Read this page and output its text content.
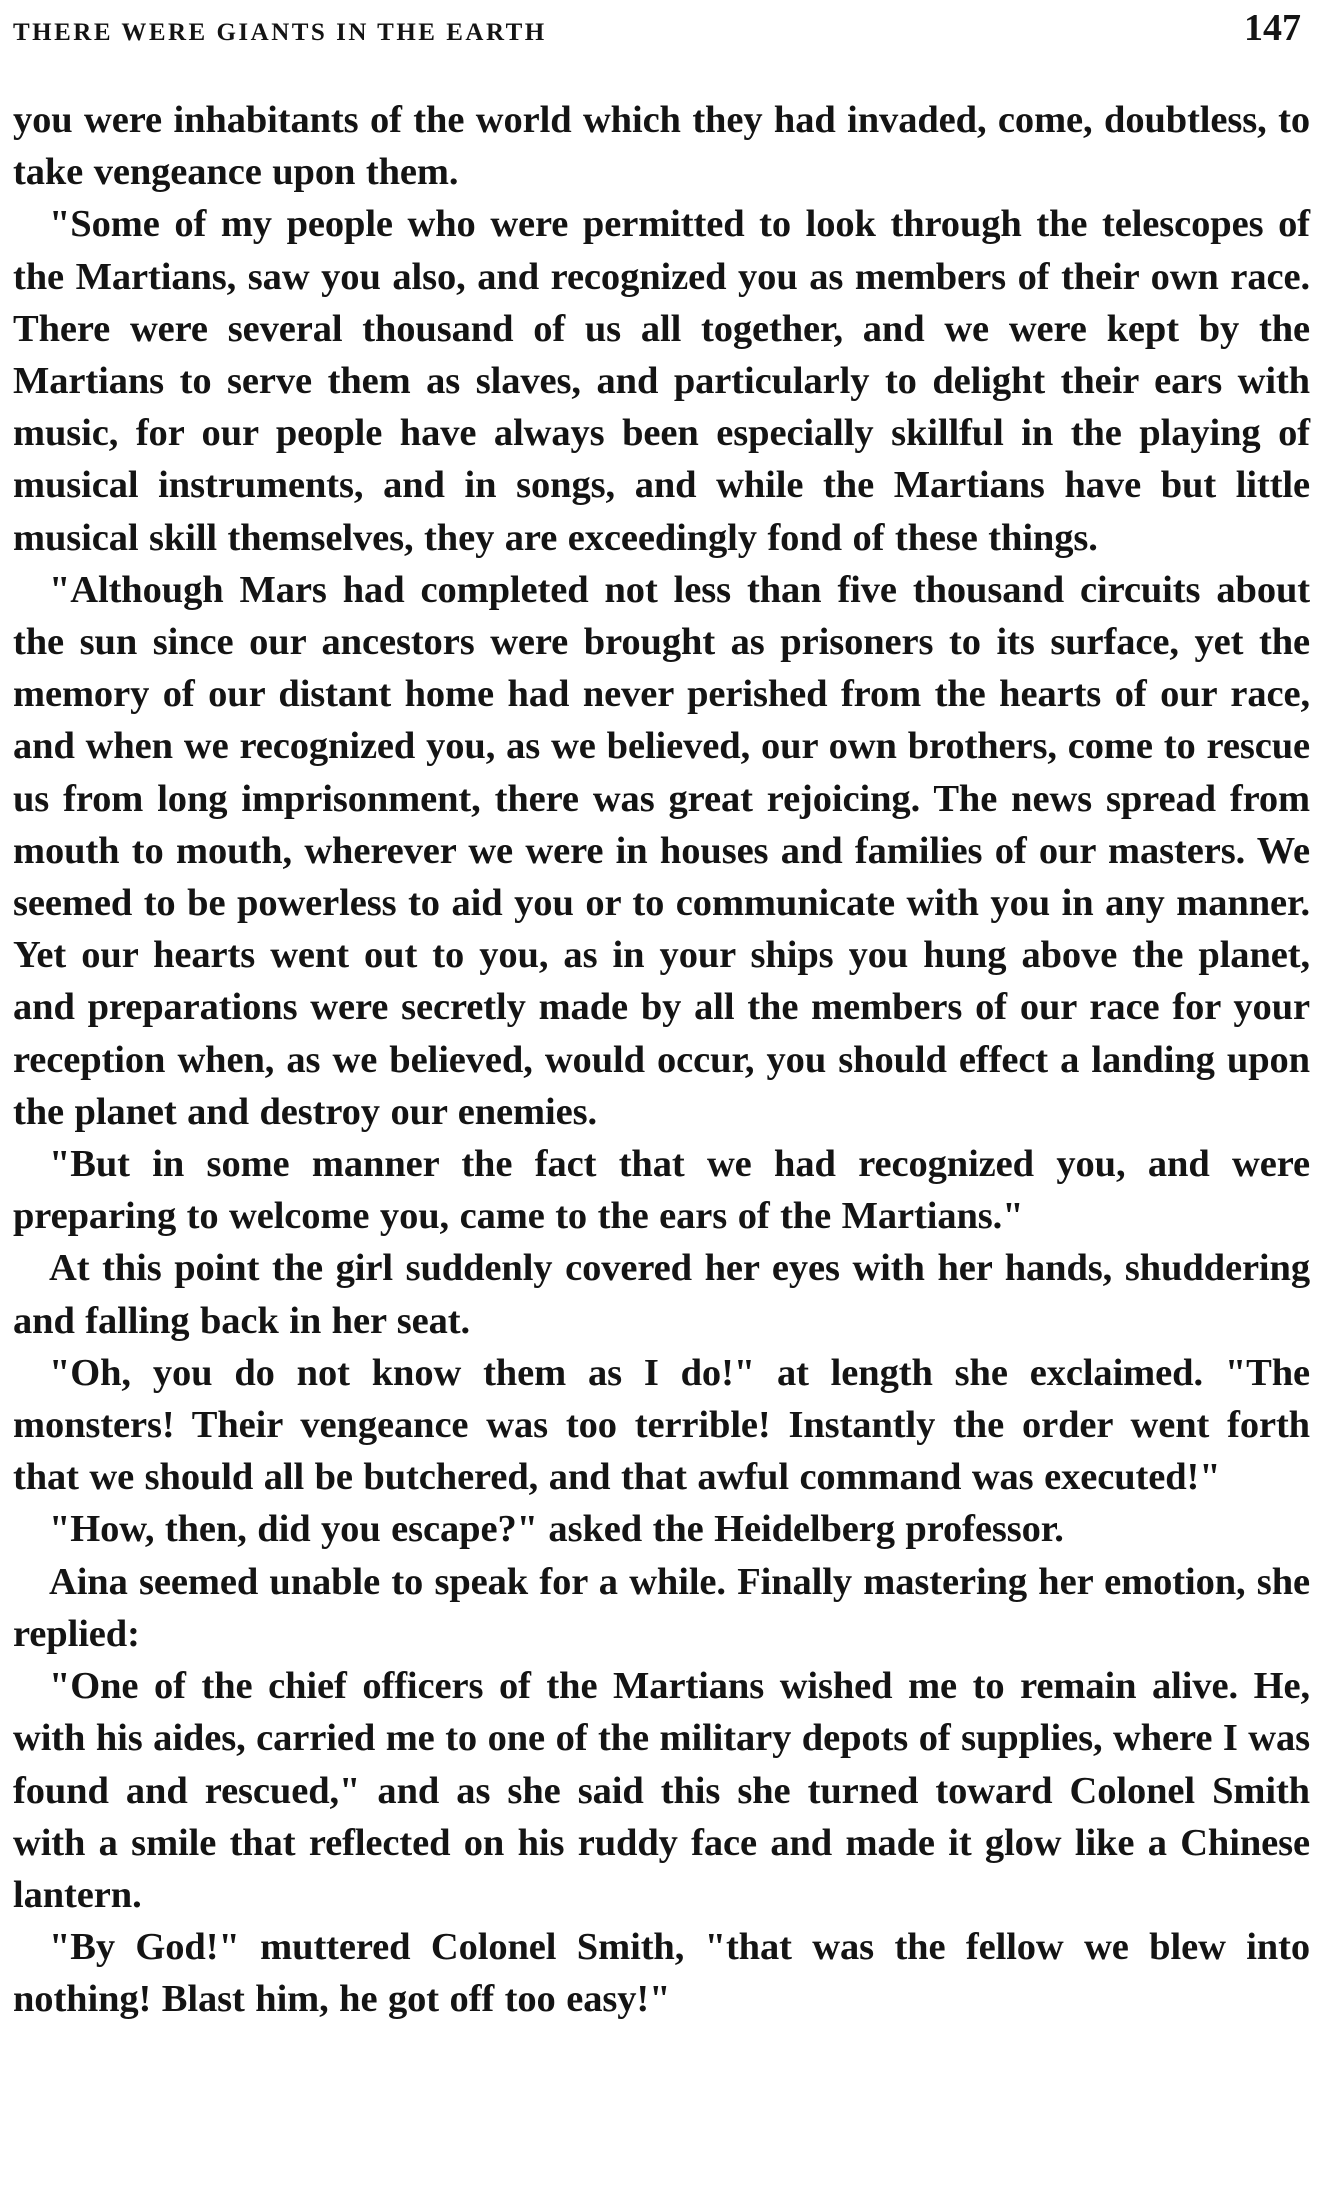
THERE WERE GIANTS IN THE EARTH	147

you were inhabitants of the world which they had invaded, come, doubtless, to take vengeance upon them.

"Some of my people who were permitted to look through the telescopes of the Martians, saw you also, and recognized you as members of their own race. There were several thousand of us all together, and we were kept by the Martians to serve them as slaves, and particularly to delight their ears with music, for our people have always been especially skillful in the playing of musical instruments, and in songs, and while the Martians have but little musical skill themselves, they are exceedingly fond of these things.

"Although Mars had completed not less than five thousand circuits about the sun since our ancestors were brought as prisoners to its surface, yet the memory of our distant home had never perished from the hearts of our race, and when we recognized you, as we believed, our own brothers, come to rescue us from long imprisonment, there was great rejoicing. The news spread from mouth to mouth, wherever we were in houses and families of our masters. We seemed to be powerless to aid you or to communicate with you in any manner. Yet our hearts went out to you, as in your ships you hung above the planet, and preparations were secretly made by all the members of our race for your reception when, as we believed, would occur, you should effect a landing upon the planet and destroy our enemies.

"But in some manner the fact that we had recognized you, and were preparing to welcome you, came to the ears of the Martians."

At this point the girl suddenly covered her eyes with her hands, shuddering and falling back in her seat.

"Oh, you do not know them as I do!" at length she exclaimed. "The monsters! Their vengeance was too terrible! Instantly the order went forth that we should all be butchered, and that awful command was executed!"

"How, then, did you escape?" asked the Heidelberg professor.

Aina seemed unable to speak for a while. Finally mastering her emotion, she replied:

"One of the chief officers of the Martians wished me to remain alive. He, with his aides, carried me to one of the military depots of supplies, where I was found and rescued," and as she said this she turned toward Colonel Smith with a smile that reflected on his ruddy face and made it glow like a Chinese lantern.

"By God!" muttered Colonel Smith, "that was the fellow we blew into nothing! Blast him, he got off too easy!"
